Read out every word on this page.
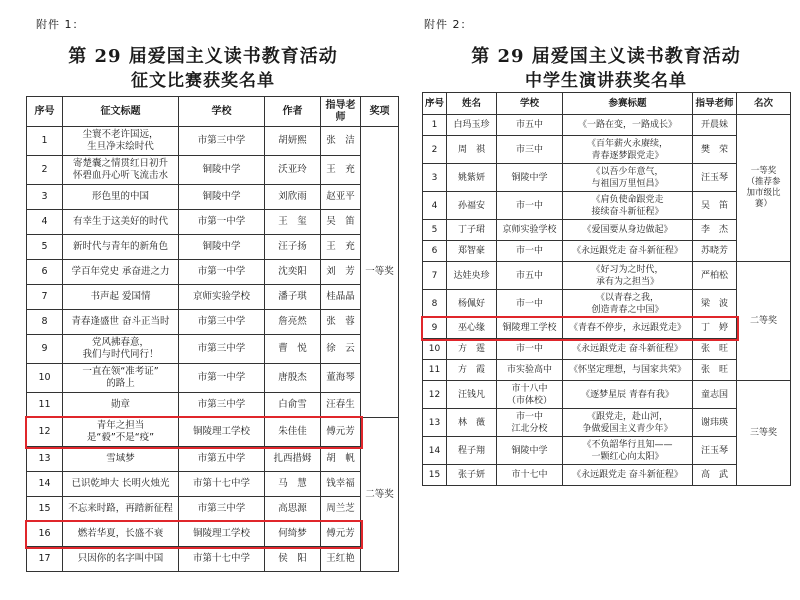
附件 1：
第 29 届爱国主义读书教育活动
征文比赛获奖名单
序号	征文标题	学校	作者	指导老师	奖项
1	尘寰不老许国远，
生旦净末绘时代	市第三中学	胡妍熙	张　洁	一等奖
2	寄楚囊之情贯红日初升
怀碧血丹心听飞流击水	铜陵中学	沃亚玲	王　充	
3	形色里的中国	铜陵中学	刘欣雨	赵亚平	
4	有幸生于这美好的时代	市第一中学	王　玺	吴　笛	
5	新时代与青年的新角色	铜陵中学	汪子扬	王　充	
6	学百年党史 承奋进之力	市第一中学	沈奕阳	刘　芳	
7	书声起 爱国情	京师实验学校	潘子琪	桂晶晶	
8	青春逢盛世 奋斗正当时	市第三中学	詹亮然	张　蓉	
9	党风拂春意，
我们与时代同行！	市第三中学	曹　悦	徐　云	
10	一直在领“准考证”
的路上	市第一中学	唐殷杰	董海琴	
11	勋章	市第三中学	白俞雪	汪春生	
12	青年之担当
是“毅”不是“疫”	铜陵理工学校	朱佳佳	傅元芳	二等奖
13	雪域梦	市第五中学	扎西措姆	胡　帆	
14	已识乾坤大 长明火烛光	市第十七中学	马　慧	钱幸福	
15	不忘来时路，再踏新征程	市第三中学	高思源	周兰芝	
16	燃若华夏，长盛不衰	铜陵理工学校	何绮梦	傅元芳	
17	只因你的名字叫中国	市第十七中学	侯　阳	王红艳	
附件 2：
第 29 届爱国主义读书教育活动
中学生演讲获奖名单
序号	姓名	学校	参赛标题	指导老师	名次
1	白玛玉珍	市五中	《一路在变，一路成长》	开晨妹	一等奖
（推荐参
加市级比
赛）
2	周　祺	市三中	《百年薪火永赓续，
青春逐梦跟党走》	樊　荣	
3	姚紫妍	铜陵中学	《以吾少年意气，
与祖国万里恒昌》	汪玉琴	
4	孙福安	市一中	《肩负使命跟党走
接续奋斗新征程》	吴　笛	
5	丁子珺	京师实验学校	《爱国要从身边做起》	李　杰	
6	郑智豪	市一中	《永远跟党走 奋斗新征程》	苏晓芳	
7	达娃央珍	市五中	《好习为之时代，
承有为之担当》	严柏松	二等奖
8	杨佩好	市一中	《以青春之我，
创造青春之中国》	梁　波	
9	巫心缘	铜陵理工学校	《青春不停步，永远跟党走》	丁　婷	
10	方　霆	市一中	《永远跟党走 奋斗新征程》	张　旺	
11	方　霞	市实验高中	《怀坚定理想，与国家共荣》	张　旺	
12	汪钱凡	市十八中
（市体校）	《逐梦星辰 青春有我》	童志国	三等奖
13	林　薇	市一中
江北分校	《跟党走，赴山河，
争做爱国主义青少年》	谢玮瑛	
14	程子翔	铜陵中学	《不负韶华行且知——
一颗红心向太阳》	汪玉琴	
15	张子妍	市十七中	《永远跟党走 奋斗新征程》	高　武	
